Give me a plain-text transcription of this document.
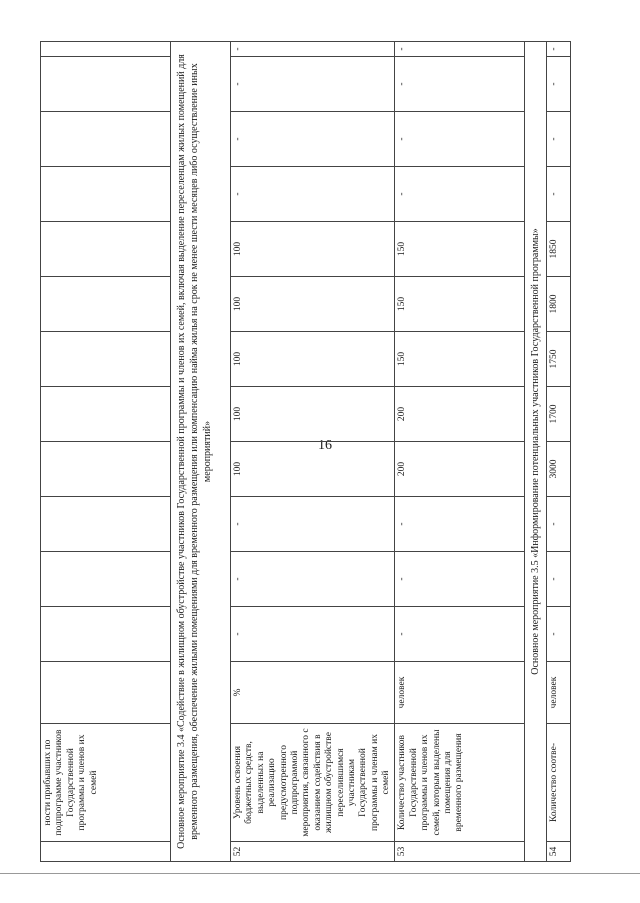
16
	ности прибывших по подпрограмме участников Государственной программы и членов их семей														
Основное мероприятие 3.4 «Содействие в жилищном обустройстве участников Государственной программы и членов их семей, включая выделение переселенцам жилых помещений для временного размещения, обеспечение жилыми помещениями для временного размещения или компенсацию найма жилья на срок не менее шести месяцев либо осуществление иных мероприятий»															
52	Уровень освоения бюджетных средств, выделенных на реализацию предусмотренного подпрограммой мероприятия, связанного с оказанием содействия в жилищном обустройстве переселившимся участникам Государственной программы и членам их семей	%	-	-	-	100	100	100	100	100	-	-	-	-	
53	Количество участников Государственной программы и членов их семей, которым выделены помещения для временного размещения	человек	-	-	-	200	200	150	150	150	-	-	-	-	
Основное мероприятие 3.5 «Информирование потенциальных участников Государственной программы»															
54	Количество соотве-	человек	-	-	-	3000	1700	1750	1800	1850	-	-	-	-	
